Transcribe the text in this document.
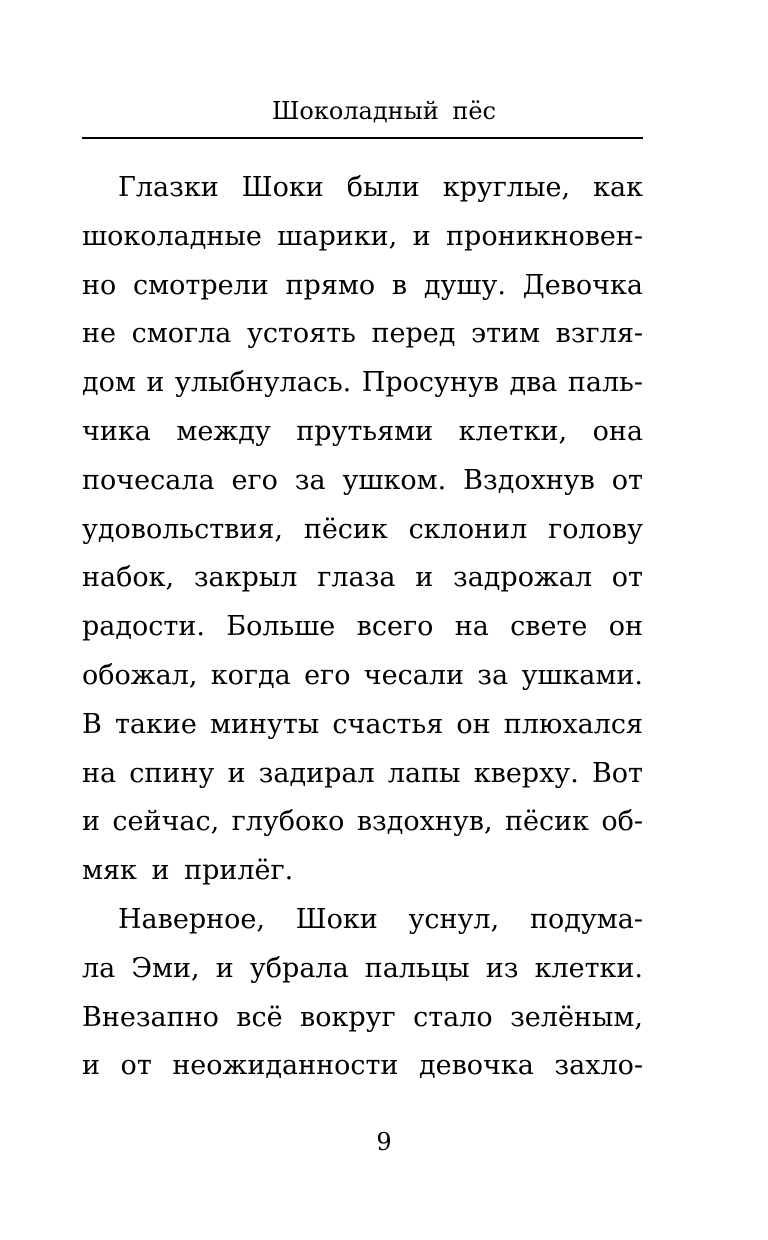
Шоколадный пёс
Глазки Шоки были круглые, как
шоколадные шарики, и проникновен-
но смотрели прямо в душу. Девочка
не смогла устоять перед этим взгля-
дом и улыбнулась. Просунув два паль-
чика между прутьями клетки, она
почесала его за ушком. Вздохнув от
удовольствия, пёсик склонил голову
набок, закрыл глаза и задрожал от
радости. Больше всего на свете он
обожал, когда его чесали за ушками.
В такие минуты счастья он плюхался
на спину и задирал лапы кверху. Вот
и сейчас, глубоко вздохнув, пёсик об-
мяк и прилёг.
Наверное, Шоки уснул, подума-
ла Эми, и убрала пальцы из клетки.
Внезапно всё вокруг стало зелёным,
и от неожиданности девочка захло-
9
